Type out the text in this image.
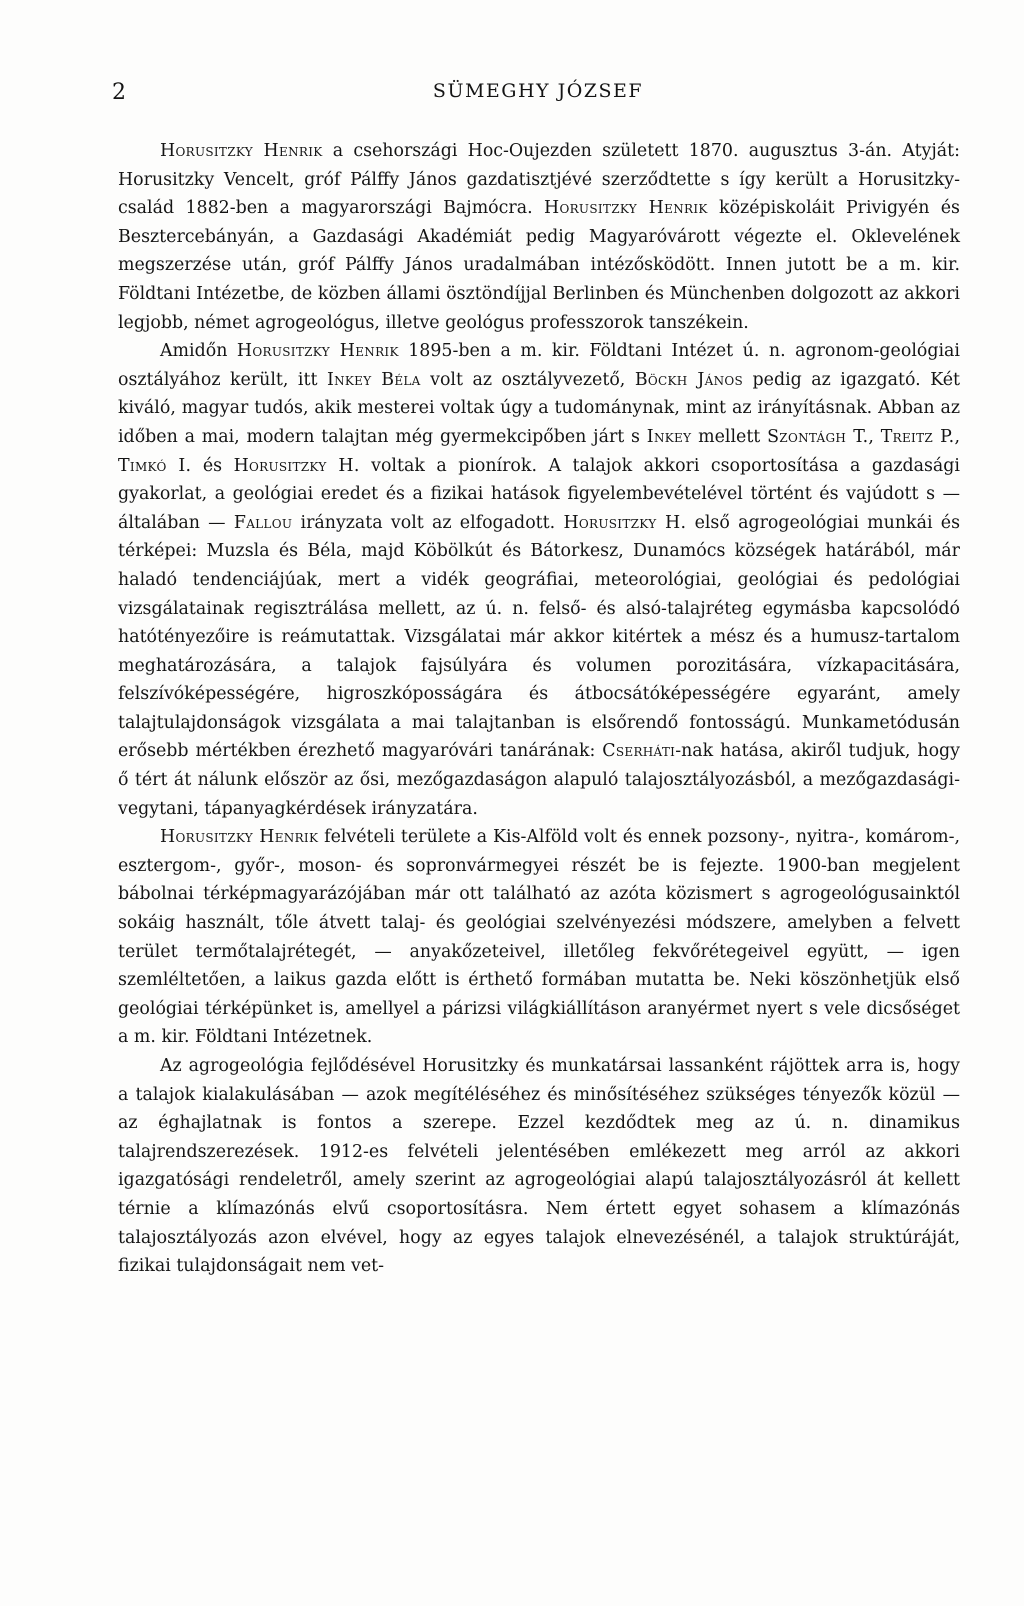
2	SÜMEGHY JÓZSEF

Horusitzky Henrik a csehországi Hoc-Oujezden született 1870. augusztus 3-án. Atyját: Horusitzky Vencelt, gróf Pálffy János gazdatisztjévé szerződtette s így került a Horusitzky-család 1882-ben a magyarországi Bajmócra. Horusitzky Henrik középiskoláit Privigyén és Besztercebányán, a Gazdasági Akadémiát pedig Magyaróvárott végezte el. Oklevelének megszerzése után, gróf Pálffy János uradalmában intézősködött. Innen jutott be a m. kir. Földtani Intézetbe, de közben állami ösztöndíjjal Berlinben és Münchenben dolgozott az akkori legjobb, német agrogeológus, illetve geológus professzorok tanszékein.

Amidőn Horusitzky Henrik 1895-ben a m. kir. Földtani Intézet ú. n. agronom-geológiai osztályához került, itt Inkey Béla volt az osztályvezető, Böckh János pedig az igazgató. Két kiváló, magyar tudós, akik mesterei voltak úgy a tudománynak, mint az irányításnak. Abban az időben a mai, modern talajtan még gyermekcipőben járt s Inkey mellett Szontágh T., Treitz P., Timkó I. és Horusitzky H. voltak a pionírok. A talajok akkori csoportosítása a gazdasági gyakorlat, a geológiai eredet és a fizikai hatások figyelembevételével történt és vajúdott s — általában — Fallou irányzata volt az elfogadott. Horusitzky H. első agrogeológiai munkái és térképei: Muzsla és Béla, majd Köbölkút és Bátorkesz, Dunamócs községek határából, már haladó tendenciájúak, mert a vidék geográfiai, meteorológiai, geológiai és pedológiai vizsgálatainak regisztrálása mellett, az ú. n. felső- és alsó-talajréteg egymásba kapcsolódó hatótényezőire is reámutattak. Vizsgálatai már akkor kitértek a mész és a humusz-tartalom meghatározására, a talajok fajsúlyára és volumen porozitására, vízkapacitására, felszívóképességére, higroszkóposságára és átbocsátóképességére egyaránt, amely talajtulajdonságok vizsgálata a mai talajtanban is elsőrendő fontosságú. Munkametódusán erősebb mértékben érezhető magyaróvári tanárának: Cserháti-nak hatása, akiről tudjuk, hogy ő tért át nálunk először az ősi, mezőgazdaságon alapuló talajosztályozásból, a mezőgazdasági-vegytani, tápanyagkérdések irányzatára.

Horusitzky Henrik felvételi területe a Kis-Alföld volt és ennek pozsony-, nyitra-, komárom-, esztergom-, győr-, moson- és sopronvármegyei részét be is fejezte. 1900-ban megjelent bábolnai térképmagyarázójában már ott található az azóta közismert s agrogeológusainktól sokáig használt, tőle átvett talaj- és geológiai szelvényezési módszere, amelyben a felvett terület termőtalajrétegét, — anyakőzeteivel, illetőleg fekvőrétegeivel együtt, — igen szemléltetően, a laikus gazda előtt is érthető formában mutatta be. Neki köszönhetjük első geológiai térképünket is, amellyel a párizsi világkiállításon aranyérmet nyert s vele dicsőséget a m. kir. Földtani Intézetnek.

Az agrogeológia fejlődésével Horusitzky és munkatársai lassanként rájöttek arra is, hogy a talajok kialakulásában — azok megítéléséhez és minősítéséhez szükséges tényezők közül — az éghajlatnak is fontos a szerepe. Ezzel kezdődtek meg az ú. n. dinamikus talajrendszerezések. 1912-es felvételi jelentésében emlékezett meg arról az akkori igazgatósági rendeletről, amely szerint az agrogeológiai alapú talajosztályozásról át kellett térnie a klímazónás elvű csoportosításra. Nem értett egyet sohasem a klímazónás talajosztályozás azon elvével, hogy az egyes talajok elnevezésénél, a talajok struktúráját, fizikai tulajdonságait nem vet-
